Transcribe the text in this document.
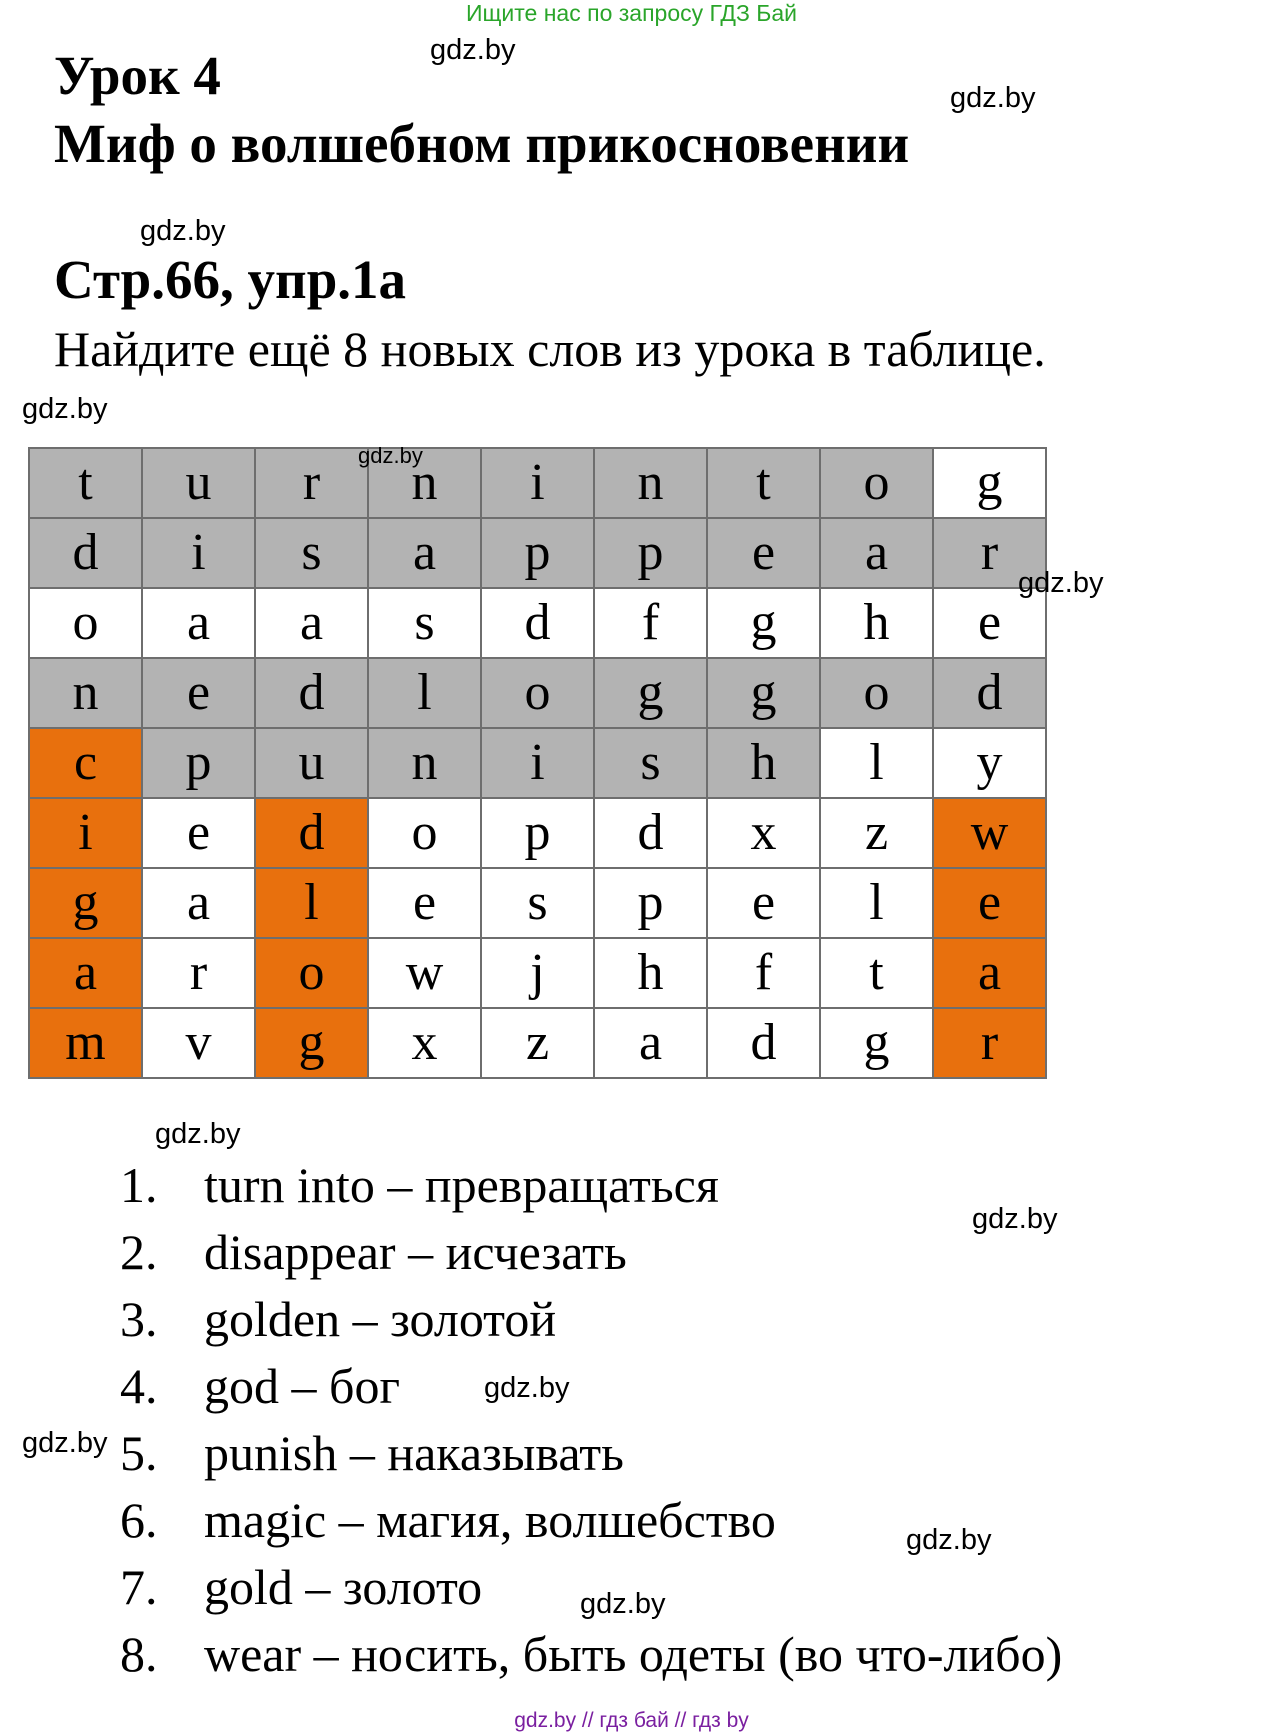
Ищите нас по запросу ГДЗ Бай
Урок 4
Миф о волшебном прикосновении
Стр.66, упр.1а
Найдите ещё 8 новых слов из урока в таблице.
t	u	r	n	i	n	t	o	g
d	i	s	a	p	p	e	a	r
o	a	a	s	d	f	g	h	e
n	e	d	l	o	g	g	o	d
c	p	u	n	i	s	h	l	y
i	e	d	o	p	d	x	z	w
g	a	l	e	s	p	e	l	e
a	r	o	w	j	h	f	t	a
m	v	g	x	z	a	d	g	r
1. turn into – превращаться
2. disappear – исчезать
3. golden – золотой
4. god – бог
5. punish – наказывать
6. magic – магия, волшебство
7. gold – золото
8. wear – носить, быть одеты (во что-либо)
gdz.by
gdz.by
gdz.by
gdz.by
gdz.by
gdz.by
gdz.by
gdz.by
gdz.by
gdz.by
gdz.by
gdz.by
gdz.by // гдз бай // гдз by
